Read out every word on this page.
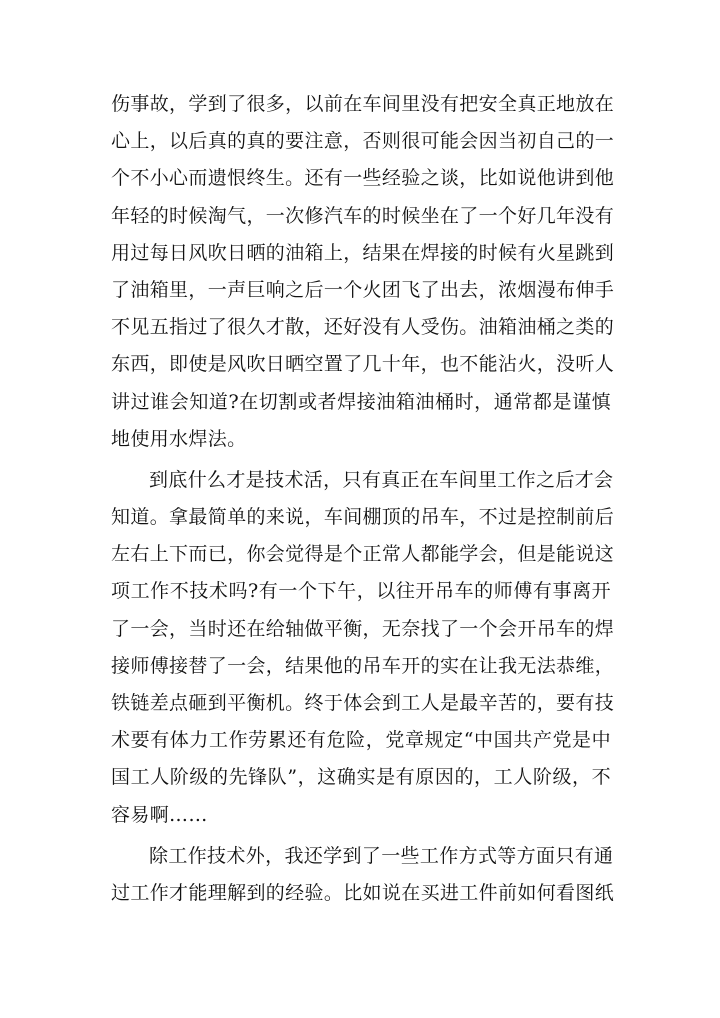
伤事故，学到了很多，以前在车间里没有把安全真正地放在
心上，以后真的真的要注意，否则很可能会因当初自己的一
个不小心而遗恨终生。还有一些经验之谈，比如说他讲到他
年轻的时候淘气，一次修汽车的时候坐在了一个好几年没有
用过每日风吹日晒的油箱上，结果在焊接的时候有火星跳到
了油箱里，一声巨响之后一个火团飞了出去，浓烟漫布伸手
不见五指过了很久才散，还好没有人受伤。油箱油桶之类的
东西，即使是风吹日晒空置了几十年，也不能沾火，没听人
讲过谁会知道?在切割或者焊接油箱油桶时，通常都是谨慎
地使用水焊法。
到底什么才是技术活，只有真正在车间里工作之后才会
知道。拿最简单的来说，车间棚顶的吊车，不过是控制前后
左右上下而已，你会觉得是个正常人都能学会，但是能说这
项工作不技术吗?有一个下午，以往开吊车的师傅有事离开
了一会，当时还在给轴做平衡，无奈找了一个会开吊车的焊
接师傅接替了一会，结果他的吊车开的实在让我无法恭维，
铁链差点砸到平衡机。终于体会到工人是最辛苦的，要有技
术要有体力工作劳累还有危险，党章规定“中国共产党是中
国工人阶级的先锋队”，这确实是有原因的，工人阶级，不
容易啊……
除工作技术外，我还学到了一些工作方式等方面只有通
过工作才能理解到的经验。比如说在买进工件前如何看图纸
